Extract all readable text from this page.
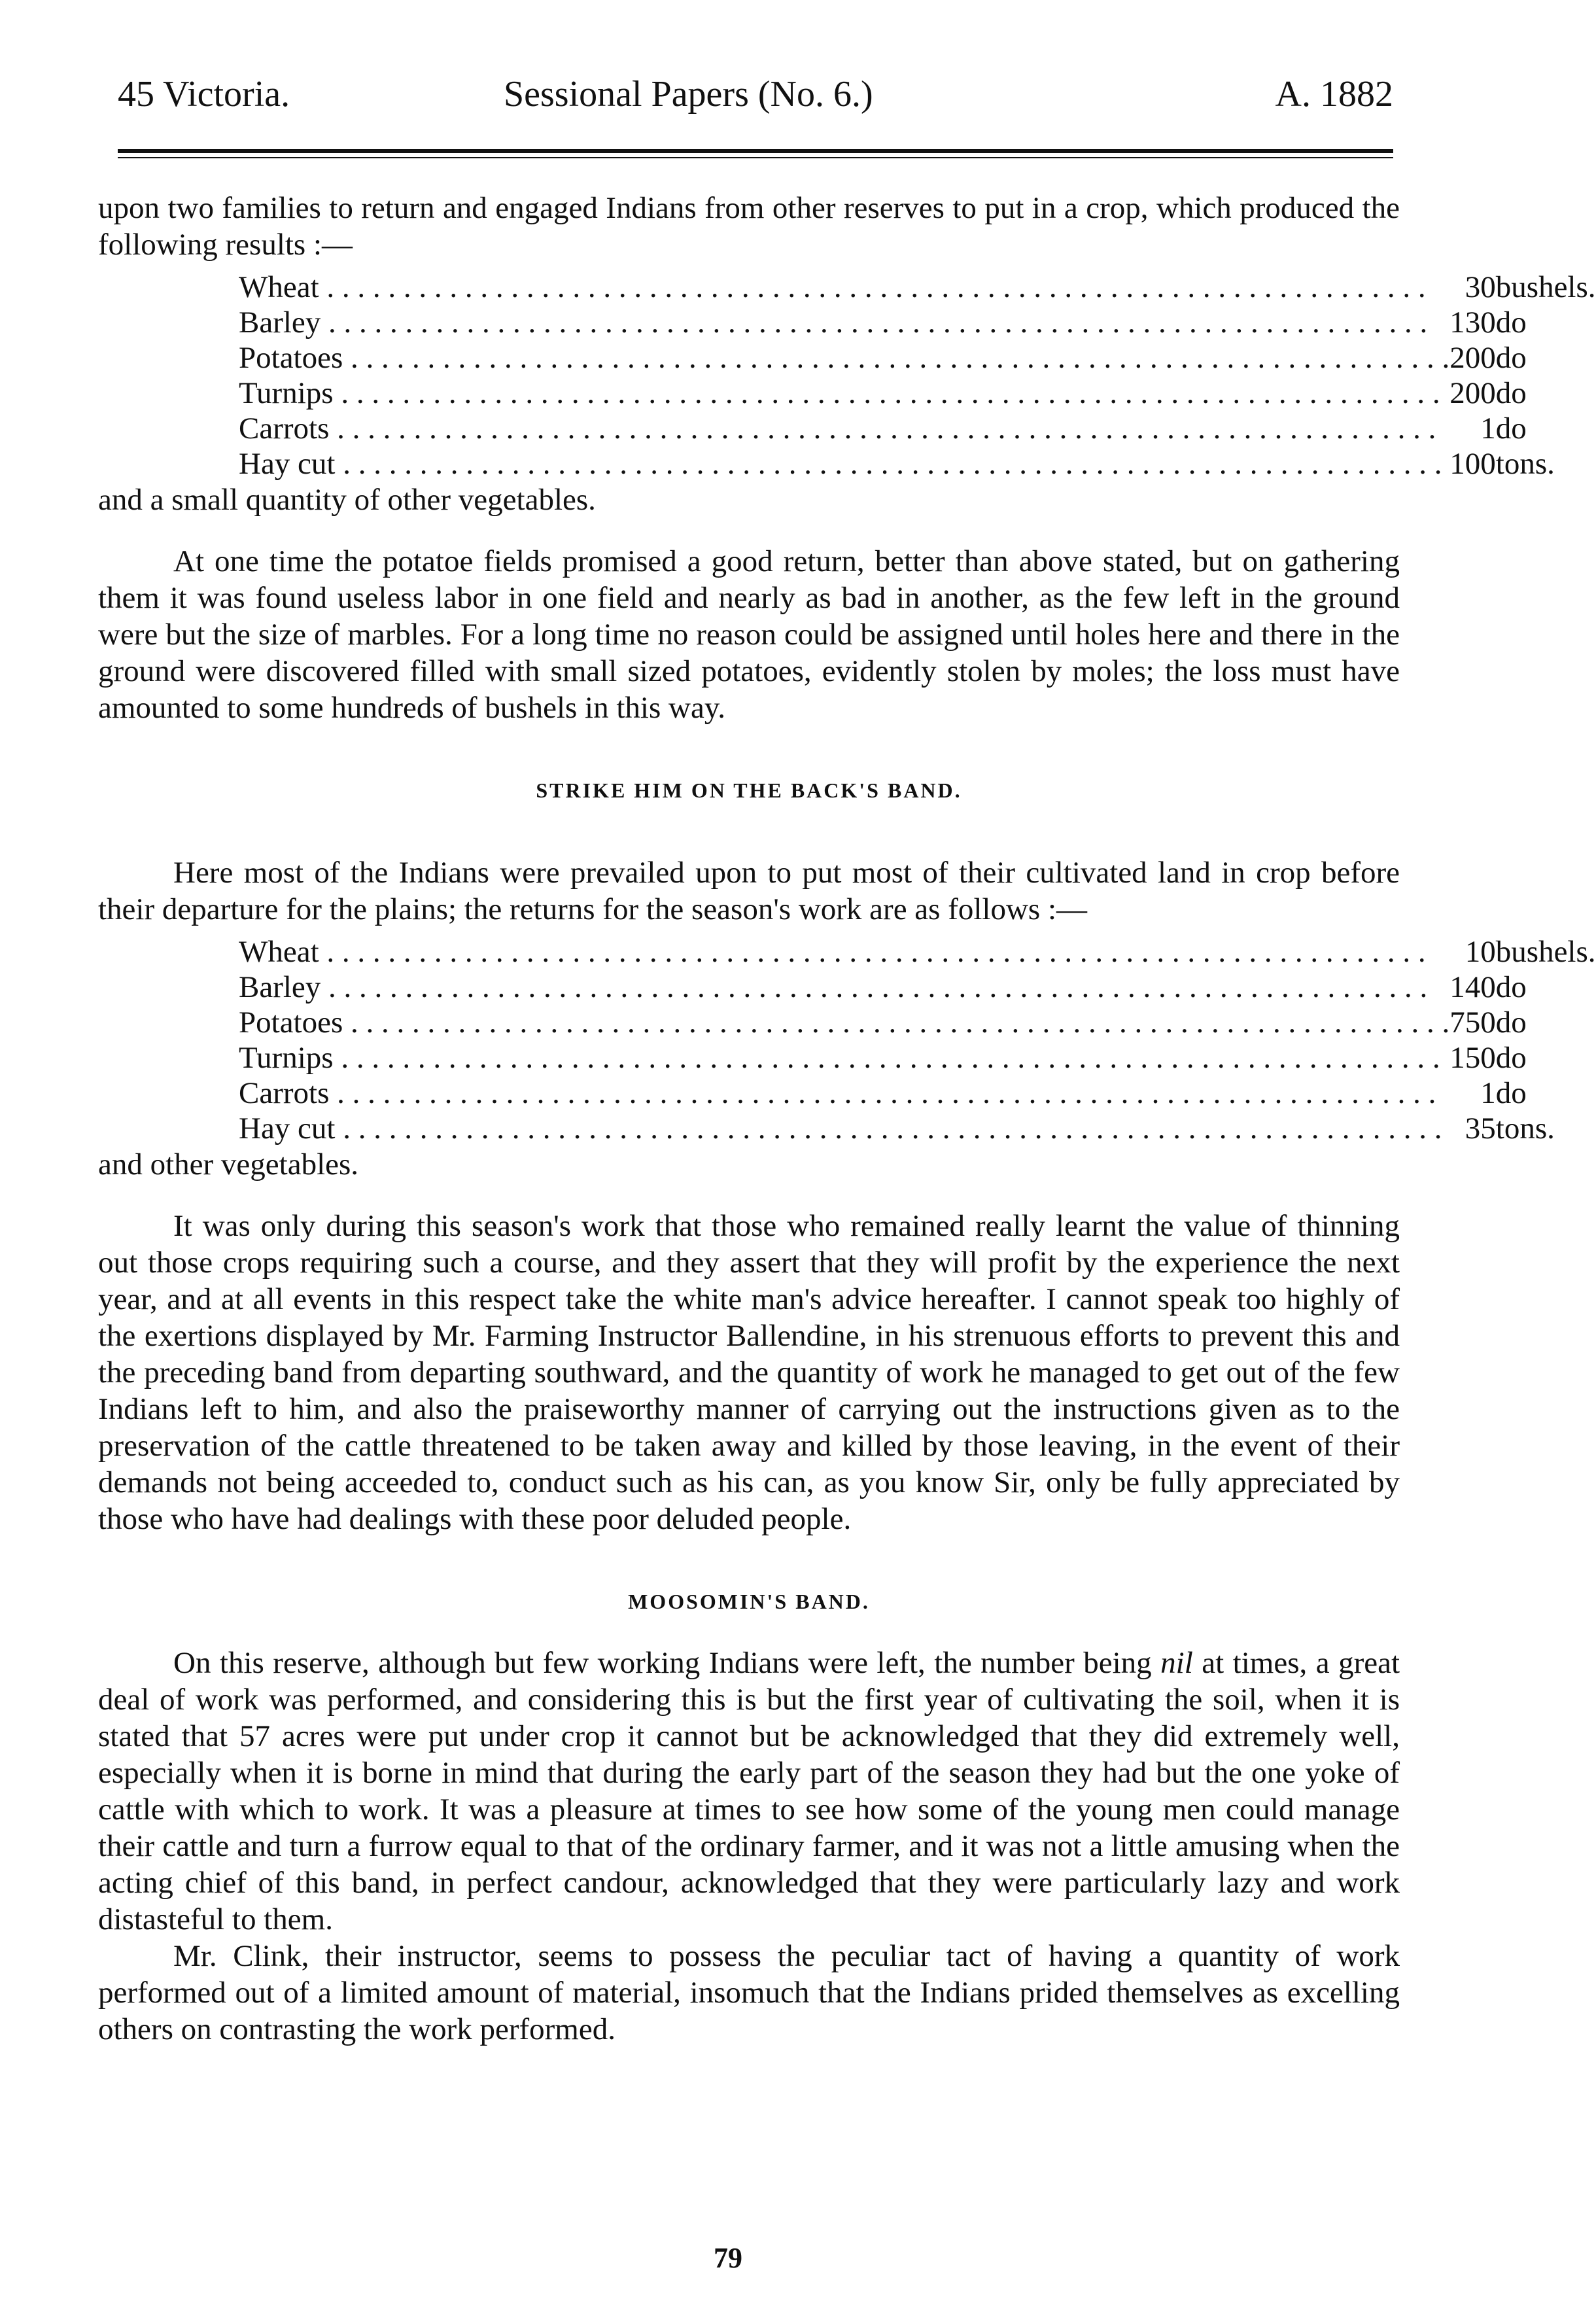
45 Victoria.	Sessional Papers (No. 6.)	A. 1882

upon two families to return and engaged Indians from other reserves to put in a crop, which produced the following results :—

Wheat . . .	30	bushels.
Barley . . .	130	do
Potatoes . . .	200	do
Turnips . . .	200	do
Carrots . . .	1	do
Hay cut . . .	100	tons.

and a small quantity of other vegetables.

At one time the potatoe fields promised a good return, better than above stated, but on gathering them it was found useless labor in one field and nearly as bad in another, as the few left in the ground were but the size of marbles. For a long time no reason could be assigned until holes here and there in the ground were discovered filled with small sized potatoes, evidently stolen by moles; the loss must have amounted to some hundreds of bushels in this way.

STRIKE HIM ON THE BACK'S BAND.

Here most of the Indians were prevailed upon to put most of their cultivated land in crop before their departure for the plains; the returns for the season's work are as follows :—

Wheat . . .	10	bushels.
Barley . . .	140	do
Potatoes . . .	750	do
Turnips . . .	150	do
Carrots . . .	1	do
Hay cut . . .	35	tons.

and other vegetables.

It was only during this season's work that those who remained really learnt the value of thinning out those crops requiring such a course, and they assert that they will profit by the experience the next year, and at all events in this respect take the white man's advice hereafter. I cannot speak too highly of the exertions displayed by Mr. Farming Instructor Ballendine, in his strenuous efforts to prevent this and the preceding band from departing southward, and the quantity of work he managed to get out of the few Indians left to him, and also the praiseworthy manner of carrying out the instructions given as to the preservation of the cattle threatened to be taken away and killed by those leaving, in the event of their demands not being acceeded to, conduct such as his can, as you know Sir, only be fully appreciated by those who have had dealings with these poor deluded people.

MOOSOMIN'S BAND.

On this reserve, although but few working Indians were left, the number being nil at times, a great deal of work was performed, and considering this is but the first year of cultivating the soil, when it is stated that 57 acres were put under crop it cannot but be acknowledged that they did extremely well, especially when it is borne in mind that during the early part of the season they had but the one yoke of cattle with which to work. It was a pleasure at times to see how some of the young men could manage their cattle and turn a furrow equal to that of the ordinary farmer, and it was not a little amusing when the acting chief of this band, in perfect candour, acknowledged that they were particularly lazy and work distasteful to them.

Mr. Clink, their instructor, seems to possess the peculiar tact of having a quantity of work performed out of a limited amount of material, insomuch that the Indians prided themselves as excelling others on contrasting the work performed.

79
